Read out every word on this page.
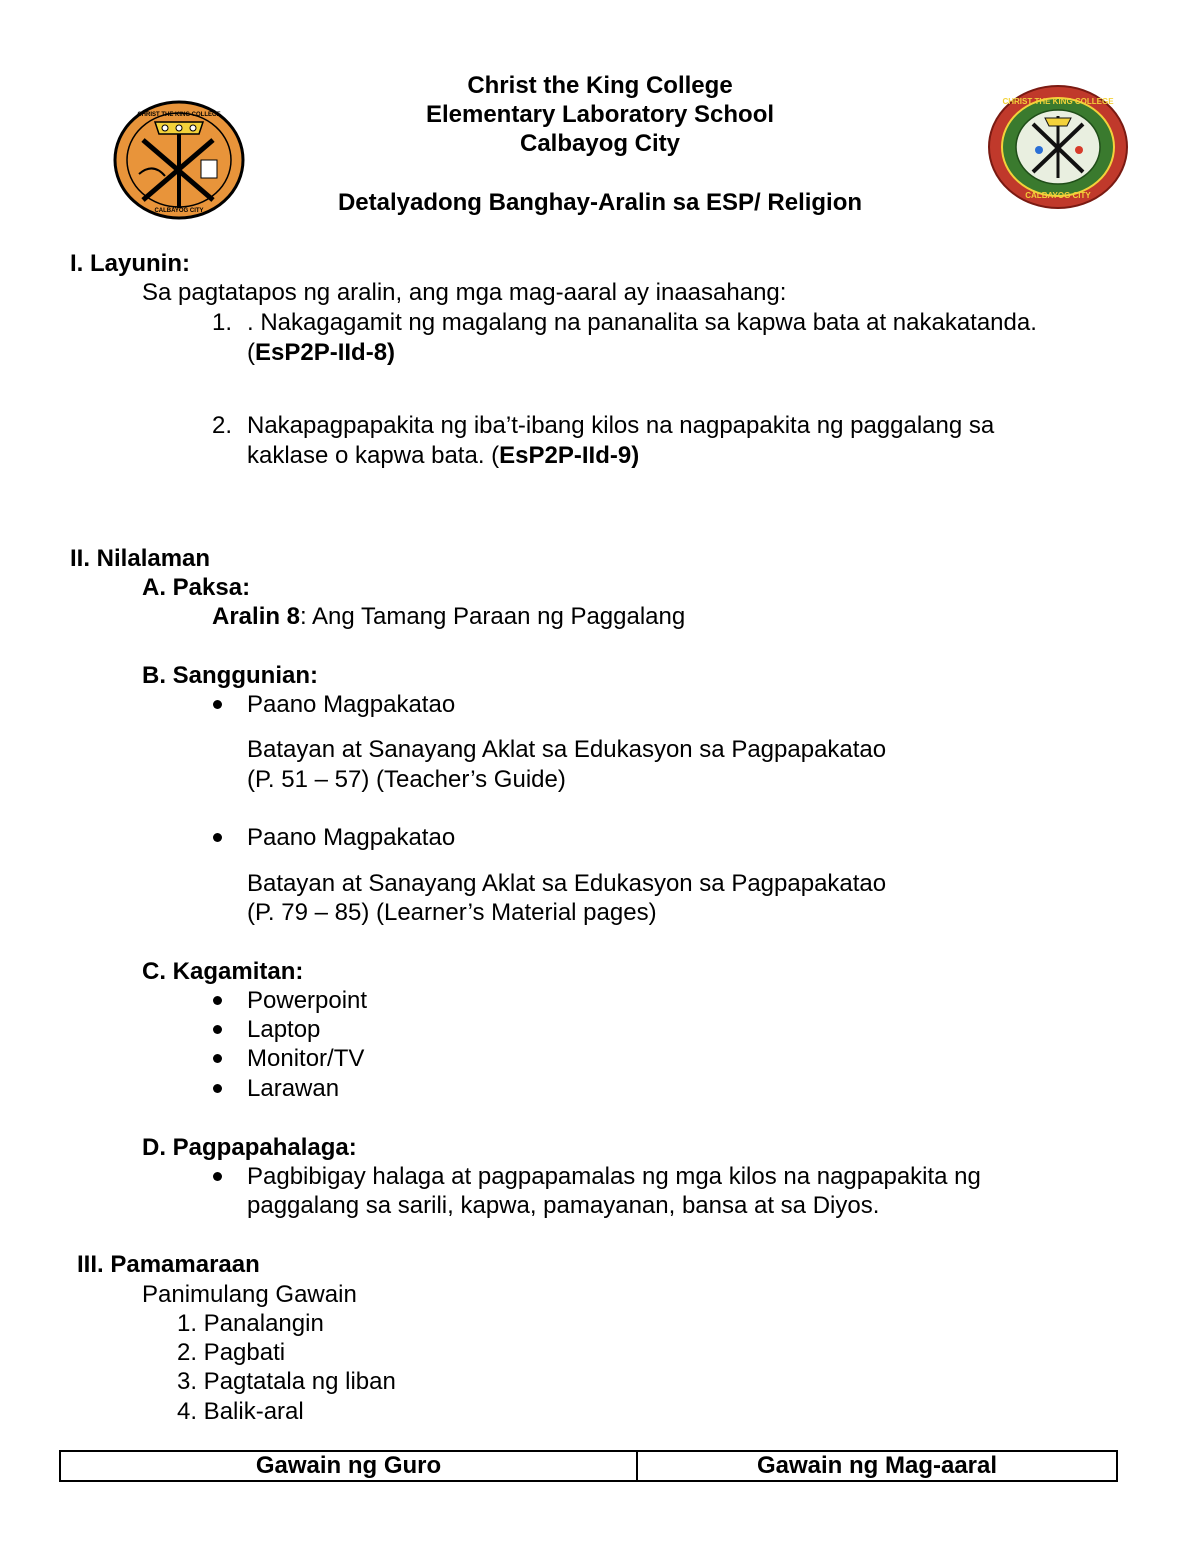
CHRIST THE KING COLLEGE
CALBAYOG CITY
CHRIST THE KING COLLEGE
CALBAYOG CITY
Christ the King College
Elementary Laboratory School
Calbayog City
Detalyadong Banghay-Aralin sa ESP/ Religion
I. Layunin:
Sa pagtatapos ng aralin, ang mga mag-aaral ay inaasahang:
1. . Nakagagamit ng magalang na pananalita sa kapwa bata at nakakatanda.
(EsP2P-IId-8)
2. Nakapagpapakita ng iba’t-ibang kilos na nagpapakita ng paggalang sa
kaklase o kapwa bata. (EsP2P-IId-9)
II. Nilalaman
A. Paksa:
Aralin 8: Ang Tamang Paraan ng Paggalang
B. Sanggunian:
Paano Magpakatao
Batayan at Sanayang Aklat sa Edukasyon sa Pagpapakatao
(P. 51 – 57) (Teacher’s Guide)
Paano Magpakatao
Batayan at Sanayang Aklat sa Edukasyon sa Pagpapakatao
(P. 79 – 85) (Learner’s Material pages)
C. Kagamitan:
Powerpoint
Laptop
Monitor/TV
Larawan
D. Pagpapahalaga:
Pagbibigay halaga at pagpapamalas ng mga kilos na nagpapakita ng
paggalang sa sarili, kapwa, pamayanan, bansa at sa Diyos.
III. Pamamaraan
Panimulang Gawain
1. Panalangin
2. Pagbati
3. Pagtatala ng liban
4. Balik-aral
Gawain ng Guro	Gawain ng Mag-aaral
